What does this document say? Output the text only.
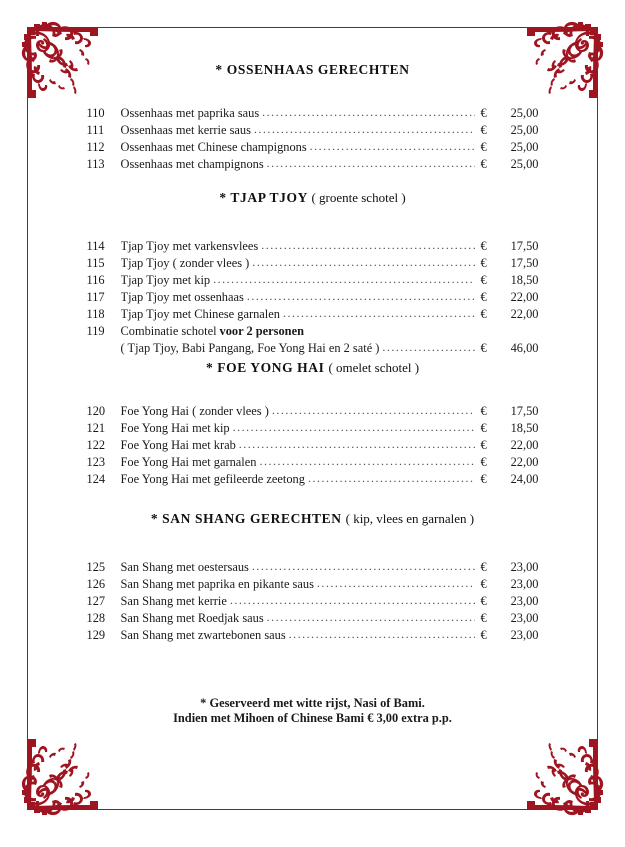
* OSSENHAAS GERECHTEN
110	Ossenhaas met paprika saus .....	€	25,00
111	Ossenhaas met kerrie saus .....	€	25,00
112	Ossenhaas met Chinese champignons .....	€	25,00
113	Ossenhaas met champignons .....	€	25,00
* TJAP TJOY ( groente schotel )
114	Tjap Tjoy met varkensvlees .....	€	17,50
115	Tjap Tjoy ( zonder vlees ) .....	€	17,50
116	Tjap Tjoy met kip .....	€	18,50
117	Tjap Tjoy met ossenhaas .....	€	22,00
118	Tjap Tjoy met Chinese garnalen .....	€	22,00
119	Combinatie schotel voor 2 personen
( Tjap Tjoy, Babi Pangang, Foe Yong Hai en 2 saté ) .....	€	46,00
* FOE YONG HAI ( omelet schotel )
120	Foe Yong Hai ( zonder vlees ) .....	€	17,50
121	Foe Yong Hai met kip .....	€	18,50
122	Foe Yong Hai met krab .....	€	22,00
123	Foe Yong Hai met garnalen .....	€	22,00
124	Foe Yong Hai met gefileerde zeetong .....	€	24,00
* SAN SHANG GERECHTEN ( kip, vlees en garnalen )
125	San Shang met oestersaus .....	€	23,00
126	San Shang met paprika en pikante saus .....	€	23,00
127	San Shang met kerrie .....	€	23,00
128	San Shang met Roedjak saus .....	€	23,00
129	San Shang met zwartebonen saus .....	€	23,00
* Geserveerd met witte rijst, Nasi of Bami.
Indien met Mihoen of Chinese Bami € 3,00 extra p.p.
